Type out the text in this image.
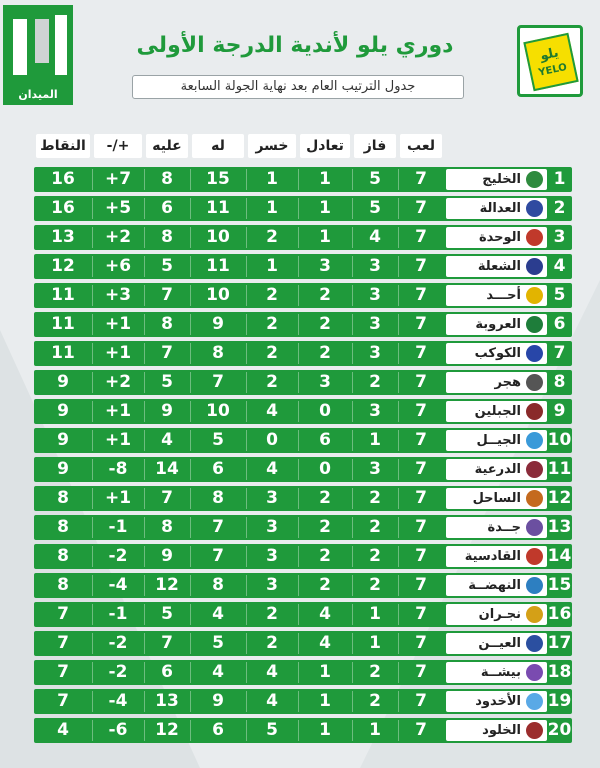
الميدان
يلو
YELO
دوري يلو لأندية الدرجة الأولى
جدول الترتيب العام بعد نهاية الجولة السابعة
النقاط	+/-	عليه	له	خسر	تعادل	فاز	لعب
16	+7	8	15	1	1	5	7	الخليج	1
16	+5	6	11	1	1	5	7	العدالة	2
13	+2	8	10	2	1	4	7	الوحدة	3
12	+6	5	11	1	3	3	7	الشعلة	4
11	+3	7	10	2	2	3	7	أحـــد	5
11	+1	8	9	2	2	3	7	العروبة	6
11	+1	7	8	2	2	3	7	الكوكب	7
9	+2	5	7	2	3	2	7	هجر	8
9	+1	9	10	4	0	3	7	الجبلين	9
9	+1	4	5	0	6	1	7	الجيــل 10
9	-8	14	6	4	0	3	7	الدرعية 11
8	+1	7	8	3	2	2	7	الساحل 12
8	-1	8	7	3	2	2	7	جــدة 13
8	-2	9	7	3	2	2	7	القادسية 14
8	-4	12	8	3	2	2	7	النهضــة 15
7	-1	5	4	2	4	1	7	نجـران 16
7	-2	7	5	2	4	1	7	العيــن 17
7	-2	6	4	4	1	2	7	بيشــة 18
7	-4	13	9	4	1	2	7	الأخدود 19
4	-6	12	6	5	1	1	7	الخلود 20
